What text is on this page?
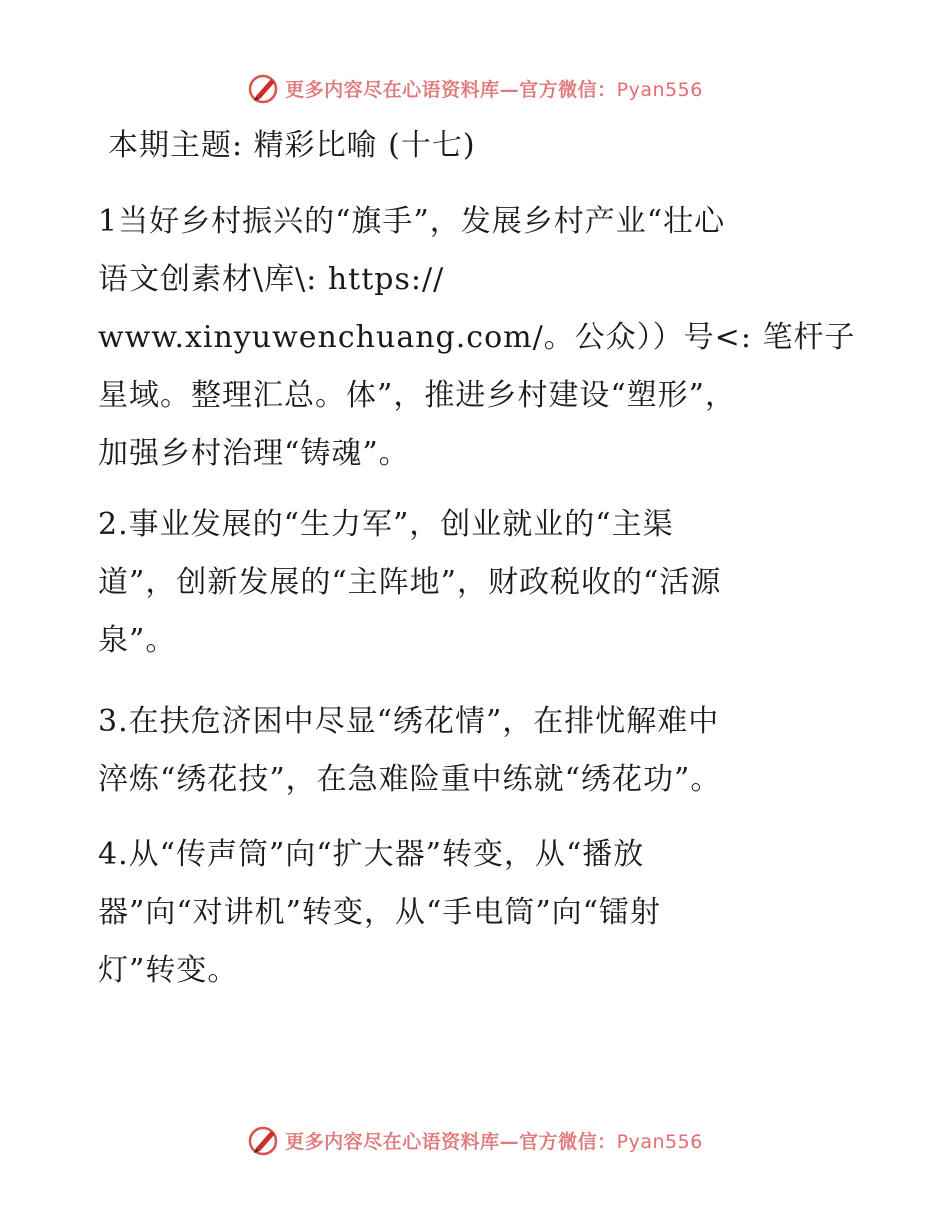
更多内容尽在心语资料库—官方微信：Pyan556
本期主题: 精彩比喻 (十七)

1当好乡村振兴的“旗手”，发展乡村产业“壮心
语文创素材\库\: https://
www.xinyuwenchuang.com/。公众））号<: 笔杆子
星域。整理汇总。体”，推进乡村建设“塑形”，
加强乡村治理“铸魂”。

2.事业发展的“生力军”，创业就业的“主渠
道”，创新发展的“主阵地”，财政税收的“活源
泉”。

3.在扶危济困中尽显“绣花情”，在排忧解难中
淬炼“绣花技”，在急难险重中练就“绣花功”。

4.从“传声筒”向“扩大器”转变，从“播放
器”向“对讲机”转变，从“手电筒”向“镭射
灯”转变。

更多内容尽在心语资料库—官方微信：Pyan556
